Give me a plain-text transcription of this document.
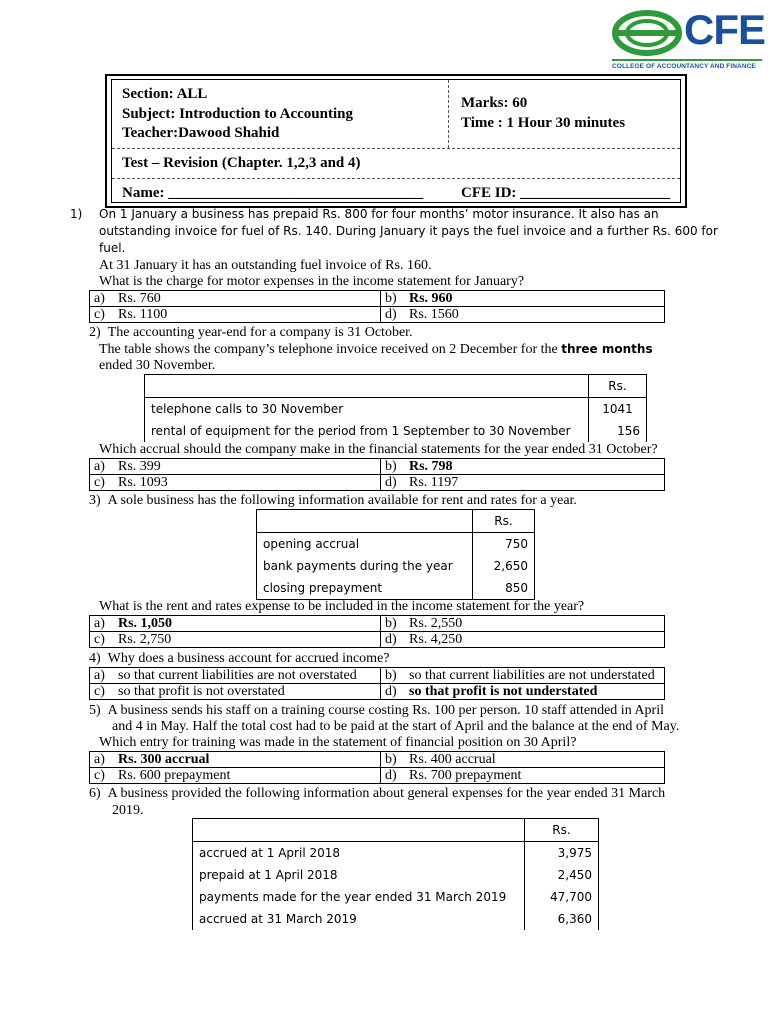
CFE
COLLEGE OF ACCOUNTANCY AND FINANCE
Section: ALL
Subject: Introduction to Accounting
Teacher:Dawood Shahid
Marks: 60
Time : 1 Hour 30 minutes
Test – Revision (Chapter. 1,2,3 and 4)
Name: __________________________________	CFE ID: ____________________
1) On 1 January a business has prepaid Rs. 800 for four months’ motor insurance. It also has an
outstanding invoice for fuel of Rs. 140. During January it pays the fuel invoice and a further Rs. 600 for
fuel.
At 31 January it has an outstanding fuel invoice of Rs. 160.
What is the charge for motor expenses in the income statement for January?
a) Rs. 760	b) Rs. 960
c) Rs. 1100	d) Rs. 1560
2) The accounting year-end for a company is 31 October.
The table shows the company’s telephone invoice received on 2 December for the three months
ended 30 November.
	Rs.
telephone calls to 30 November	1041
rental of equipment for the period from 1 September to 30 November	156
Which accrual should the company make in the financial statements for the year ended 31 October?
a) Rs. 399	b) Rs. 798
c) Rs. 1093	d) Rs. 1197
3) A sole business has the following information available for rent and rates for a year.
	Rs.
opening accrual	750
bank payments during the year	2,650
closing prepayment	850
What is the rent and rates expense to be included in the income statement for the year?
a) Rs. 1,050	b) Rs. 2,550
c) Rs. 2,750	d) Rs. 4,250
4) Why does a business account for accrued income?
a) so that current liabilities are not overstated	b) so that current liabilities are not understated
c) so that profit is not overstated	d) so that profit is not understated
5) A business sends his staff on a training course costing Rs. 100 per person. 10 staff attended in April
and 4 in May. Half the total cost had to be paid at the start of April and the balance at the end of May.
Which entry for training was made in the statement of financial position on 30 April?
a) Rs. 300 accrual	b) Rs. 400 accrual
c) Rs. 600 prepayment	d) Rs. 700 prepayment
6) A business provided the following information about general expenses for the year ended 31 March
2019.
	Rs.
accrued at 1 April 2018	3,975
prepaid at 1 April 2018	2,450
payments made for the year ended 31 March 2019	47,700
accrued at 31 March 2019	6,360
